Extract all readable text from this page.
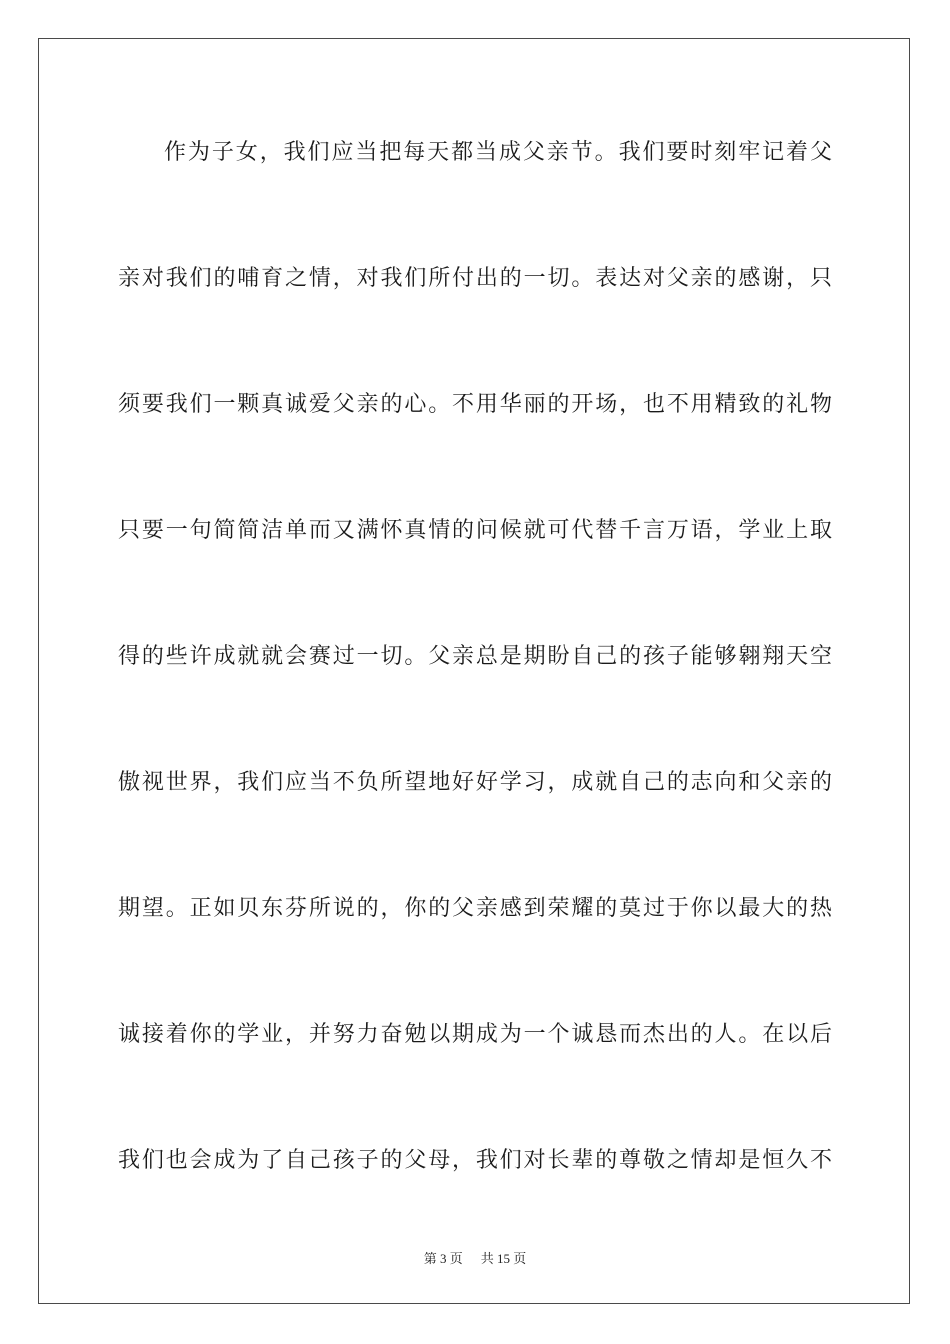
作为子女，我们应当把每天都当成父亲节。我们要时刻牢记着父
亲对我们的哺育之情，对我们所付出的一切。表达对父亲的感谢，只
须要我们一颗真诚爱父亲的心。不用华丽的开场，也不用精致的礼物
只要一句简简洁单而又满怀真情的问候就可代替千言万语，学业上取
得的些许成就就会赛过一切。父亲总是期盼自己的孩子能够翱翔天空
傲视世界，我们应当不负所望地好好学习，成就自己的志向和父亲的
期望。正如贝东芬所说的，你的父亲感到荣耀的莫过于你以最大的热
诚接着你的学业，并努力奋勉以期成为一个诚恳而杰出的人。在以后
我们也会成为了自己孩子的父母，我们对长辈的尊敬之情却是恒久不
第 3 页 共 15 页
